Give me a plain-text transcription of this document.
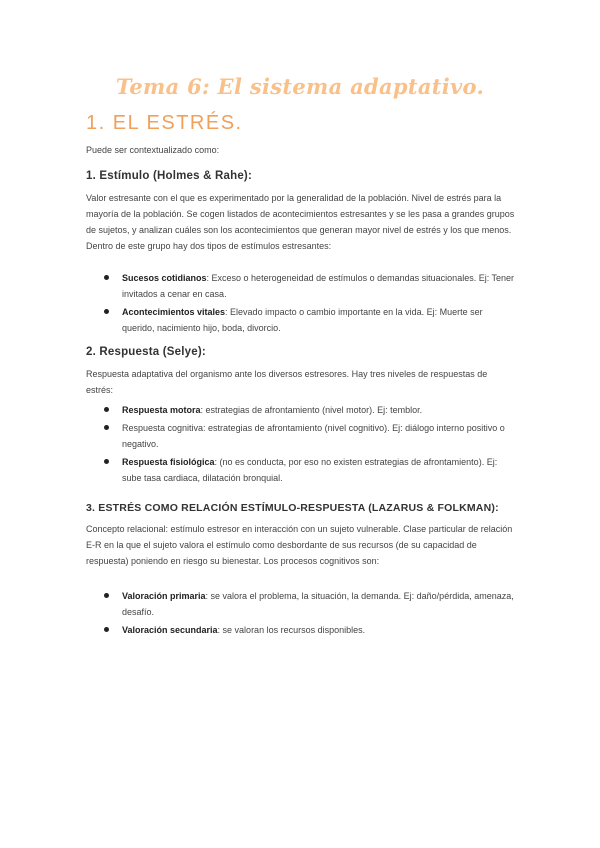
Tema 6: El sistema adaptativo.
1. EL ESTRÉS.
Puede ser contextualizado como:
1. Estímulo (Holmes & Rahe):
Valor estresante con el que es experimentado por la generalidad de la población. Nivel de estrés para la mayoría de la población. Se cogen listados de acontecimientos estresantes y se les pasa a grandes grupos de sujetos, y analizan cuáles son los acontecimientos que generan mayor nivel de estrés y los que menos. Dentro de este grupo hay dos tipos de estímulos estresantes:
Sucesos cotidianos: Exceso o heterogeneidad de estímulos o demandas situacionales. Ej: Tener invitados a cenar en casa.
Acontecimientos vitales: Elevado impacto o cambio importante en la vida. Ej: Muerte ser querido, nacimiento hijo, boda, divorcio.
2. Respuesta (Selye):
Respuesta adaptativa del organismo ante los diversos estresores. Hay tres niveles de respuestas de estrés:
Respuesta motora: estrategias de afrontamiento (nivel motor). Ej: temblor.
Respuesta cognitiva: estrategias de afrontamiento (nivel cognitivo). Ej: diálogo interno positivo o negativo.
Respuesta fisiológica: (no es conducta, por eso no existen estrategias de afrontamiento). Ej: sube tasa cardiaca, dilatación bronquial.
3. ESTRÉS COMO RELACIÓN ESTÍMULO-RESPUESTA (LAZARUS & FOLKMAN):
Concepto relacional: estímulo estresor en interacción con un sujeto vulnerable. Clase particular de relación E-R en la que el sujeto valora el estímulo como desbordante de sus recursos (de su capacidad de respuesta) poniendo en riesgo su bienestar. Los procesos cognitivos son:
Valoración primaria: se valora el problema, la situación, la demanda. Ej: daño/pérdida, amenaza, desafío.
Valoración secundaria: se valoran los recursos disponibles.
